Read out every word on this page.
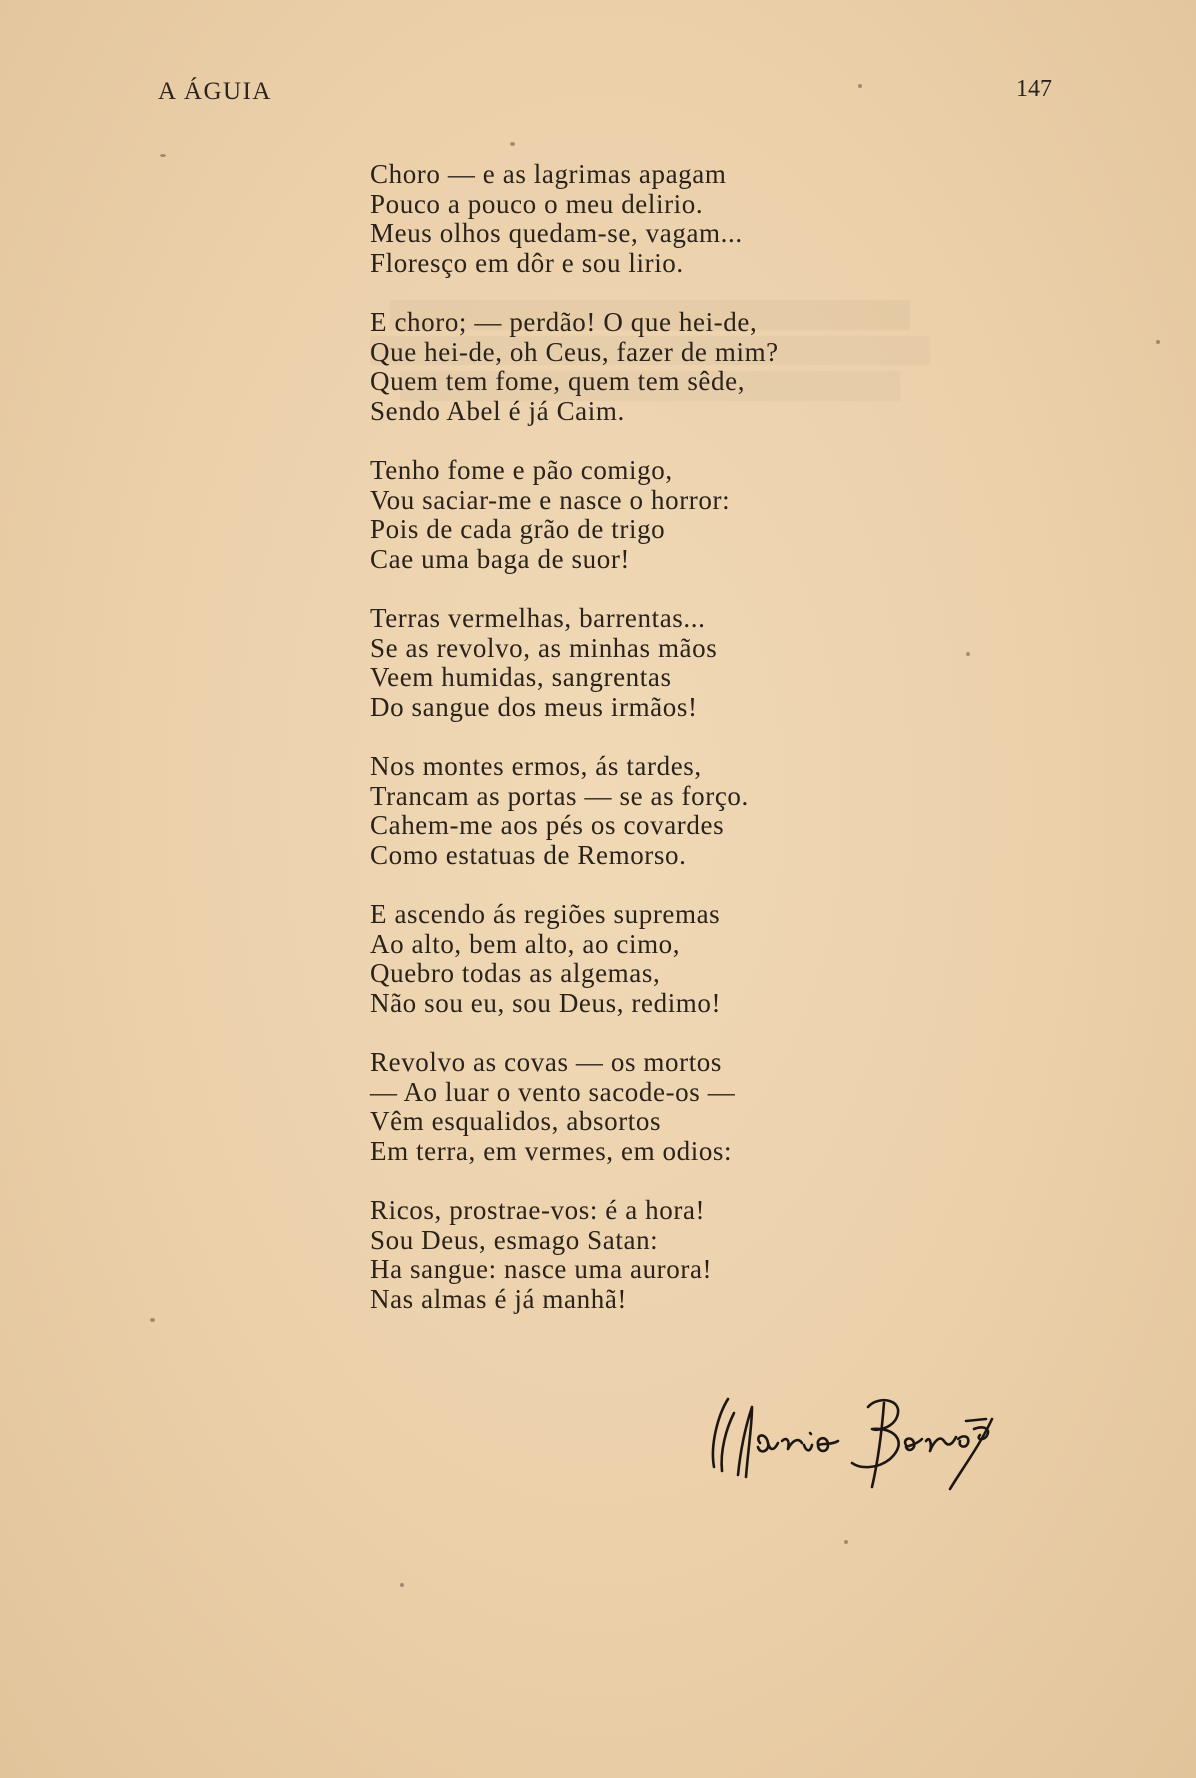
A ÁGUIA	147
Choro — e as lagrimas apagam
Pouco a pouco o meu delirio.
Meus olhos quedam-se, vagam...
Floresço em dôr e sou lirio.
E choro; — perdão! O que hei-de,
Que hei-de, oh Ceus, fazer de mim?
Quem tem fome, quem tem sêde,
Sendo Abel é já Caim.
Tenho fome e pão comigo,
Vou saciar-me e nasce o horror:
Pois de cada grão de trigo
Cae uma baga de suor!
Terras vermelhas, barrentas...
Se as revolvo, as minhas mãos
Veem humidas, sangrentas
Do sangue dos meus irmãos!
Nos montes ermos, ás tardes,
Trancam as portas — se as forço.
Cahem-me aos pés os covardes
Como estatuas de Remorso.
E ascendo ás regiões supremas
Ao alto, bem alto, ao cimo,
Quebro todas as algemas,
Não sou eu, sou Deus, redimo!
Revolvo as covas — os mortos
— Ao luar o vento sacode-os —
Vêm esqualidos, absortos
Em terra, em vermes, em odios:
Ricos, prostrae-vos: é a hora!
Sou Deus, esmago Satan:
Ha sangue: nasce uma aurora!
Nas almas é já manhã!
